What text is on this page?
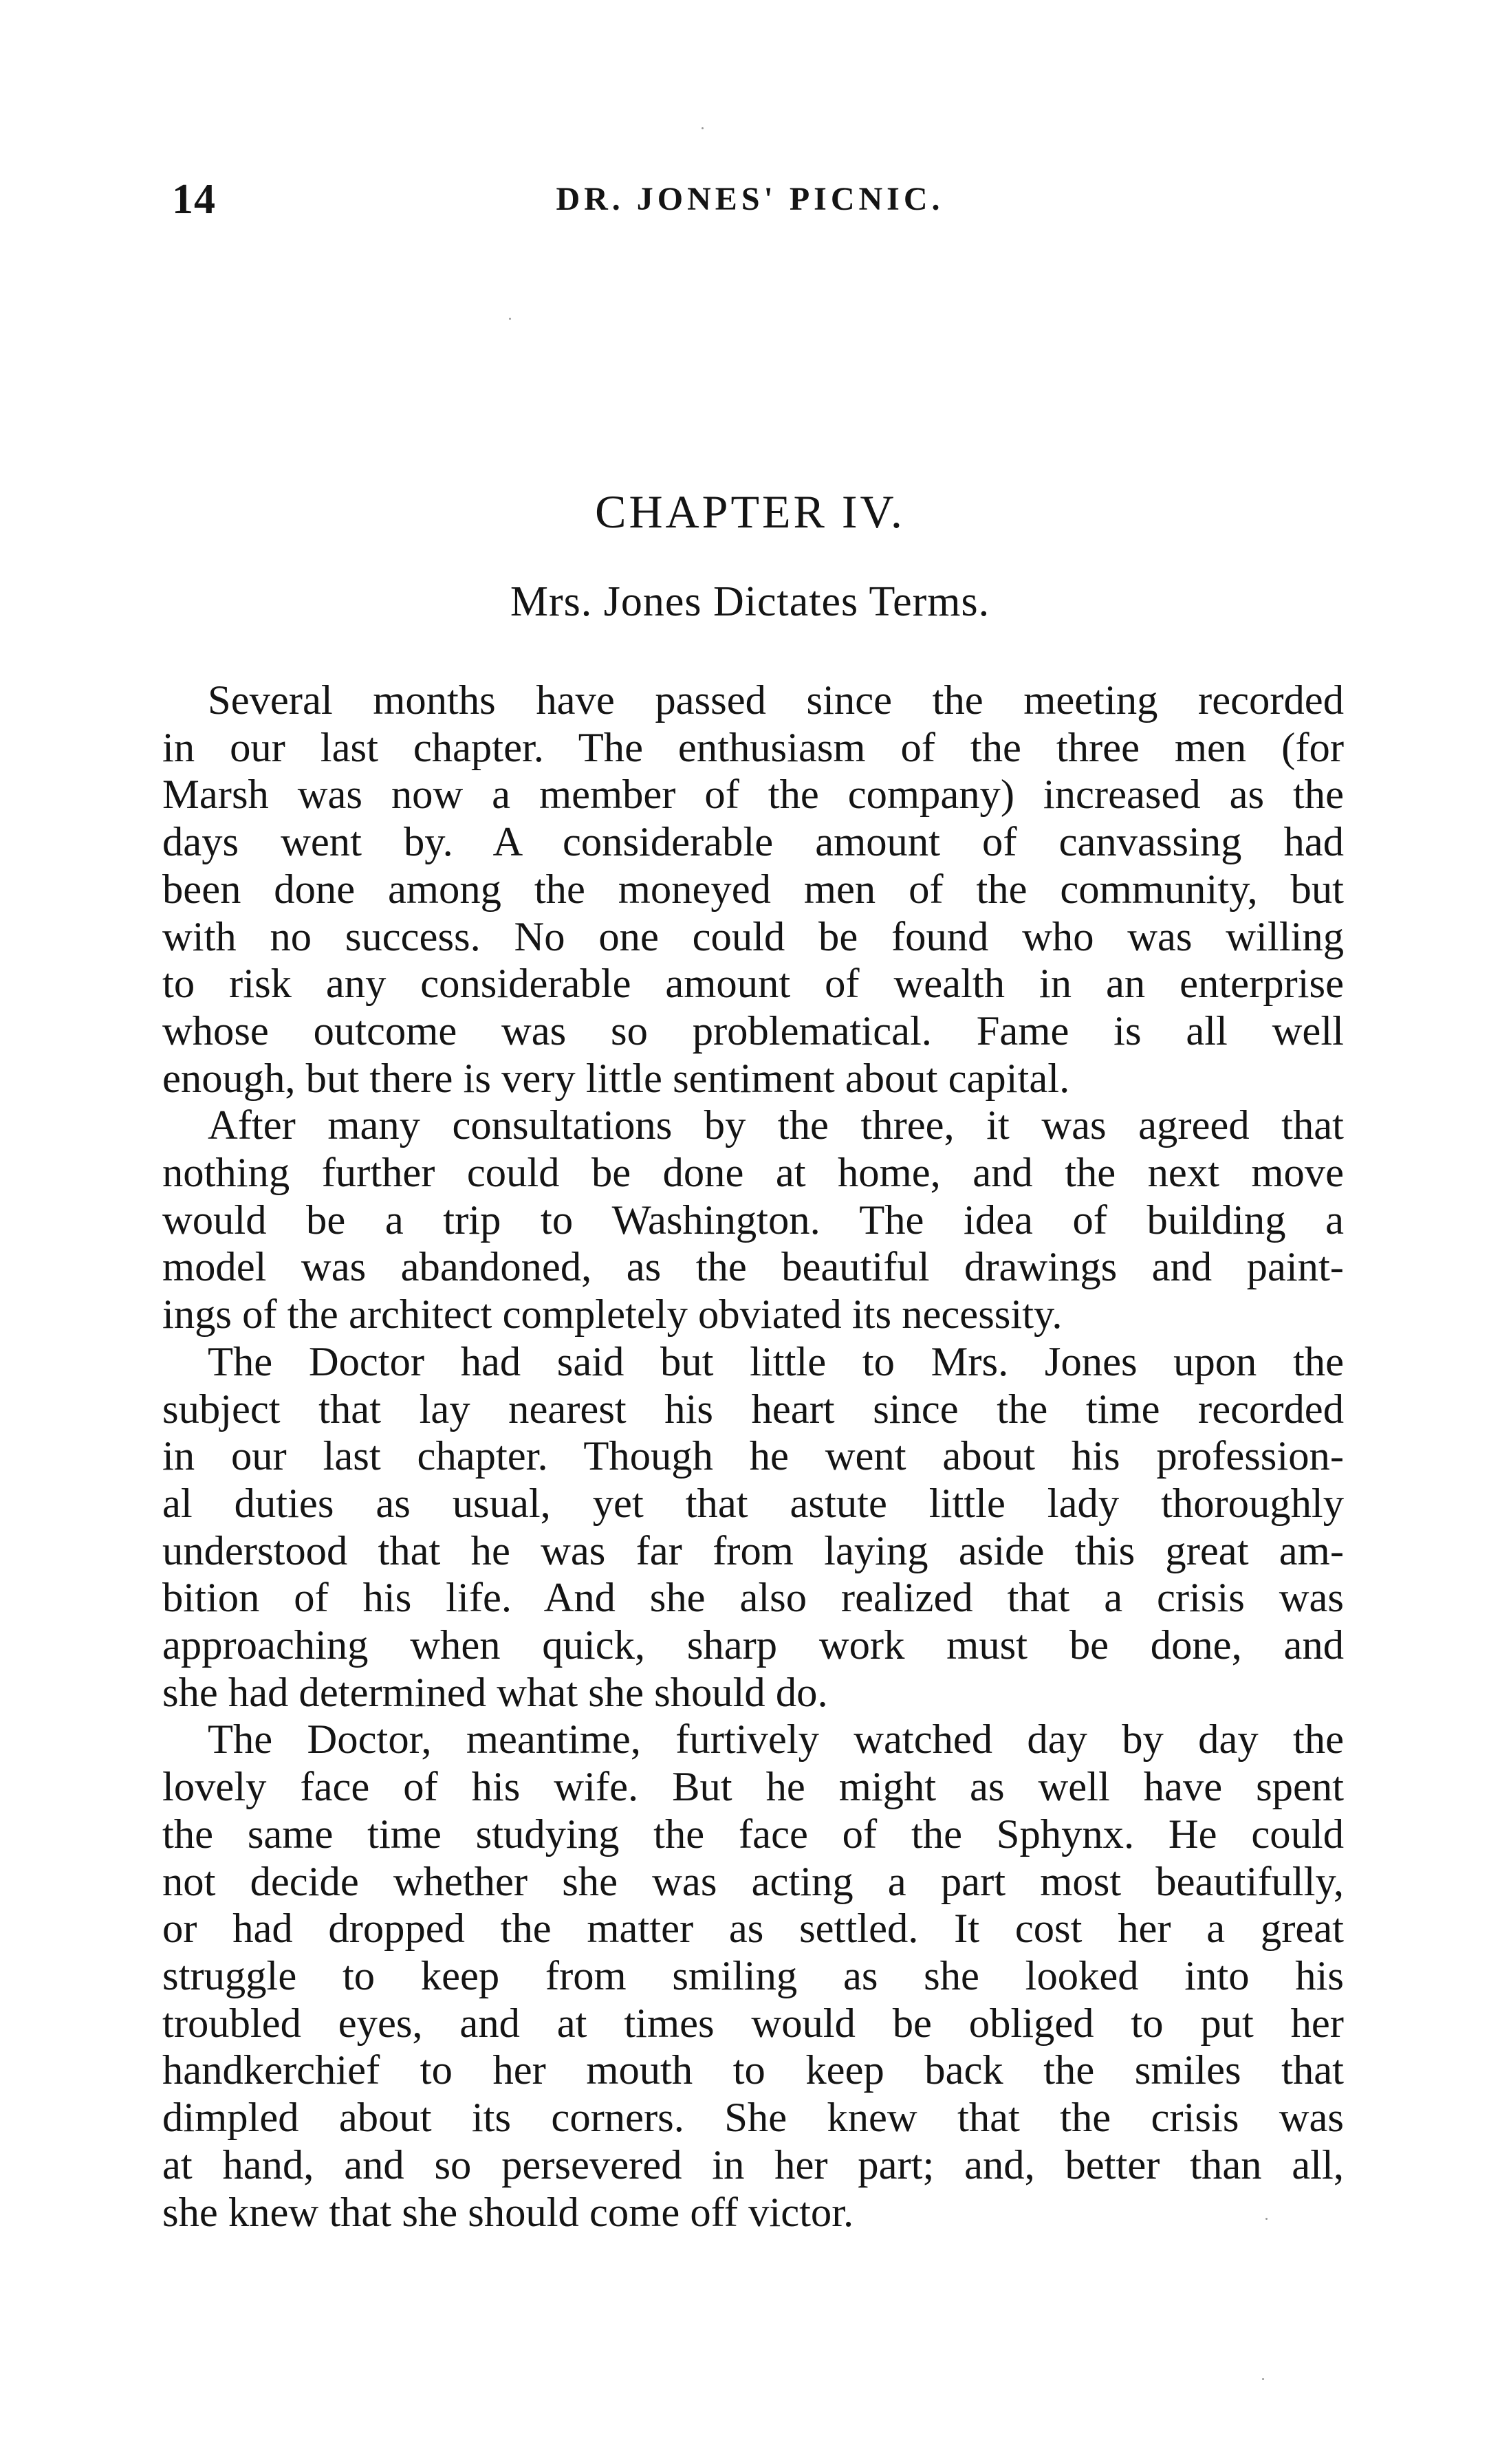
14	DR. JONES' PICNIC.
CHAPTER IV.
Mrs. Jones Dictates Terms.
Several months have passed since the meeting recorded
in our last chapter. The enthusiasm of the three men (for
Marsh was now a member of the company) increased as the
days went by. A considerable amount of canvassing had
been done among the moneyed men of the community, but
with no success. No one could be found who was willing
to risk any considerable amount of wealth in an enterprise
whose outcome was so problematical. Fame is all well
enough, but there is very little sentiment about capital.
After many consultations by the three, it was agreed that
nothing further could be done at home, and the next move
would be a trip to Washington. The idea of building a
model was abandoned, as the beautiful drawings and paint-
ings of the architect completely obviated its necessity.
The Doctor had said but little to Mrs. Jones upon the
subject that lay nearest his heart since the time recorded
in our last chapter. Though he went about his profession-
al duties as usual, yet that astute little lady thoroughly
understood that he was far from laying aside this great am-
bition of his life. And she also realized that a crisis was
approaching when quick, sharp work must be done, and
she had determined what she should do.
The Doctor, meantime, furtively watched day by day the
lovely face of his wife. But he might as well have spent
the same time studying the face of the Sphynx. He could
not decide whether she was acting a part most beautifully,
or had dropped the matter as settled. It cost her a great
struggle to keep from smiling as she looked into his
troubled eyes, and at times would be obliged to put her
handkerchief to her mouth to keep back the smiles that
dimpled about its corners. She knew that the crisis was
at hand, and so persevered in her part; and, better than all,
she knew that she should come off victor.
